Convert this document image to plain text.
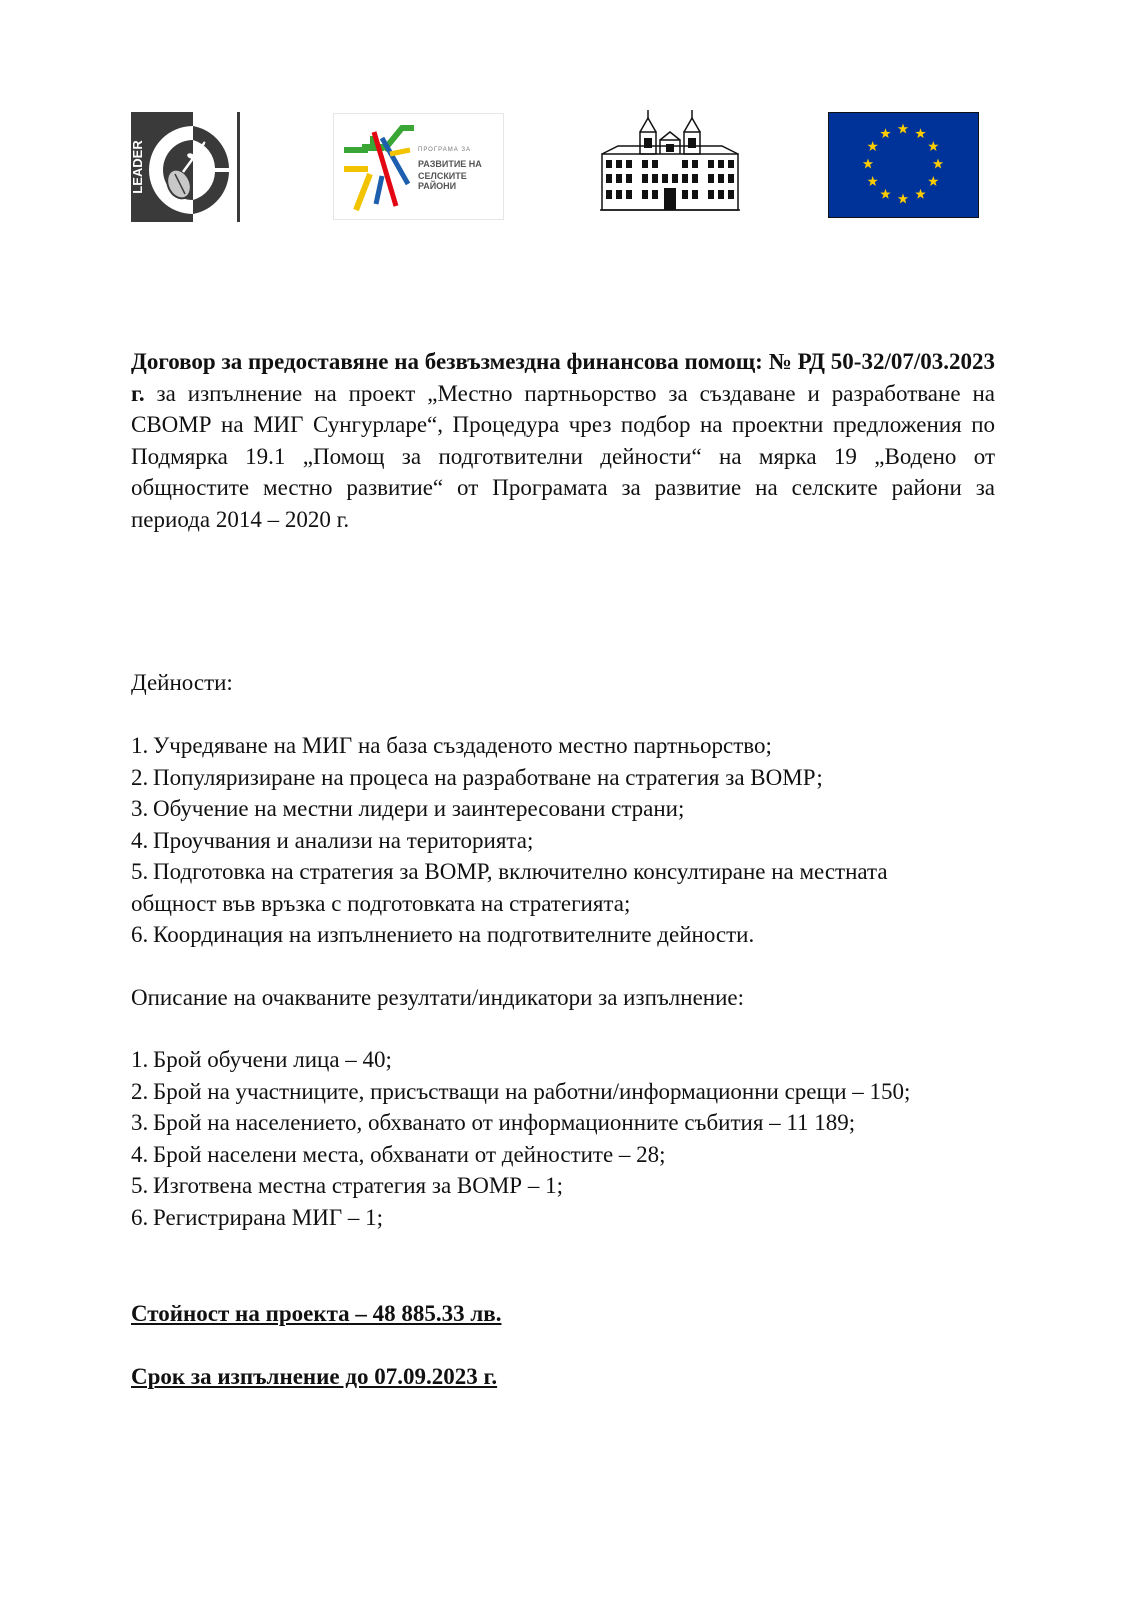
LEADER	ПРОГРАМА ЗА
РАЗВИТИЕ НА
СЕЛСКИТЕ РАЙОНИ
Договор за предоставяне на безвъзмездна финансова помощ: № РД 50-32/07/03.2023 г. за изпълнение на проект „Местно партньорство за създаване и разработване на СВОМР на МИГ Сунгурларе“, Процедура чрез подбор на проектни предложения по Подмярка 19.1 „Помощ за подготвителни дейности“ на мярка 19 „Водено от общностите местно развитие“ от Програмата за развитие на селските райони за периода 2014 – 2020 г.
Дейности:
1. Учредяване на МИГ на база създаденото местно партньорство;
2. Популяризиране на процеса на разработване на стратегия за ВОМР;
3. Обучение на местни лидери и заинтересовани страни;
4. Проучвания и анализи на територията;
5. Подготовка на стратегия за ВОМР, включително консултиране на местната
общност във връзка с подготовката на стратегията;
6. Координация на изпълнението на подготвителните дейности.
Описание на очакваните резултати/индикатори за изпълнение:
1. Брой обучени лица – 40;
2. Брой на участниците, присъстващи на работни/информационни срещи – 150;
3. Брой на населението, обхванато от информационните събития – 11 189;
4. Брой населени места, обхванати от дейностите – 28;
5. Изготвена местна стратегия за ВОМР – 1;
6. Регистрирана МИГ – 1;
Стойност на проекта – 48 885.33 лв.
Срок за изпълнение до 07.09.2023 г.
